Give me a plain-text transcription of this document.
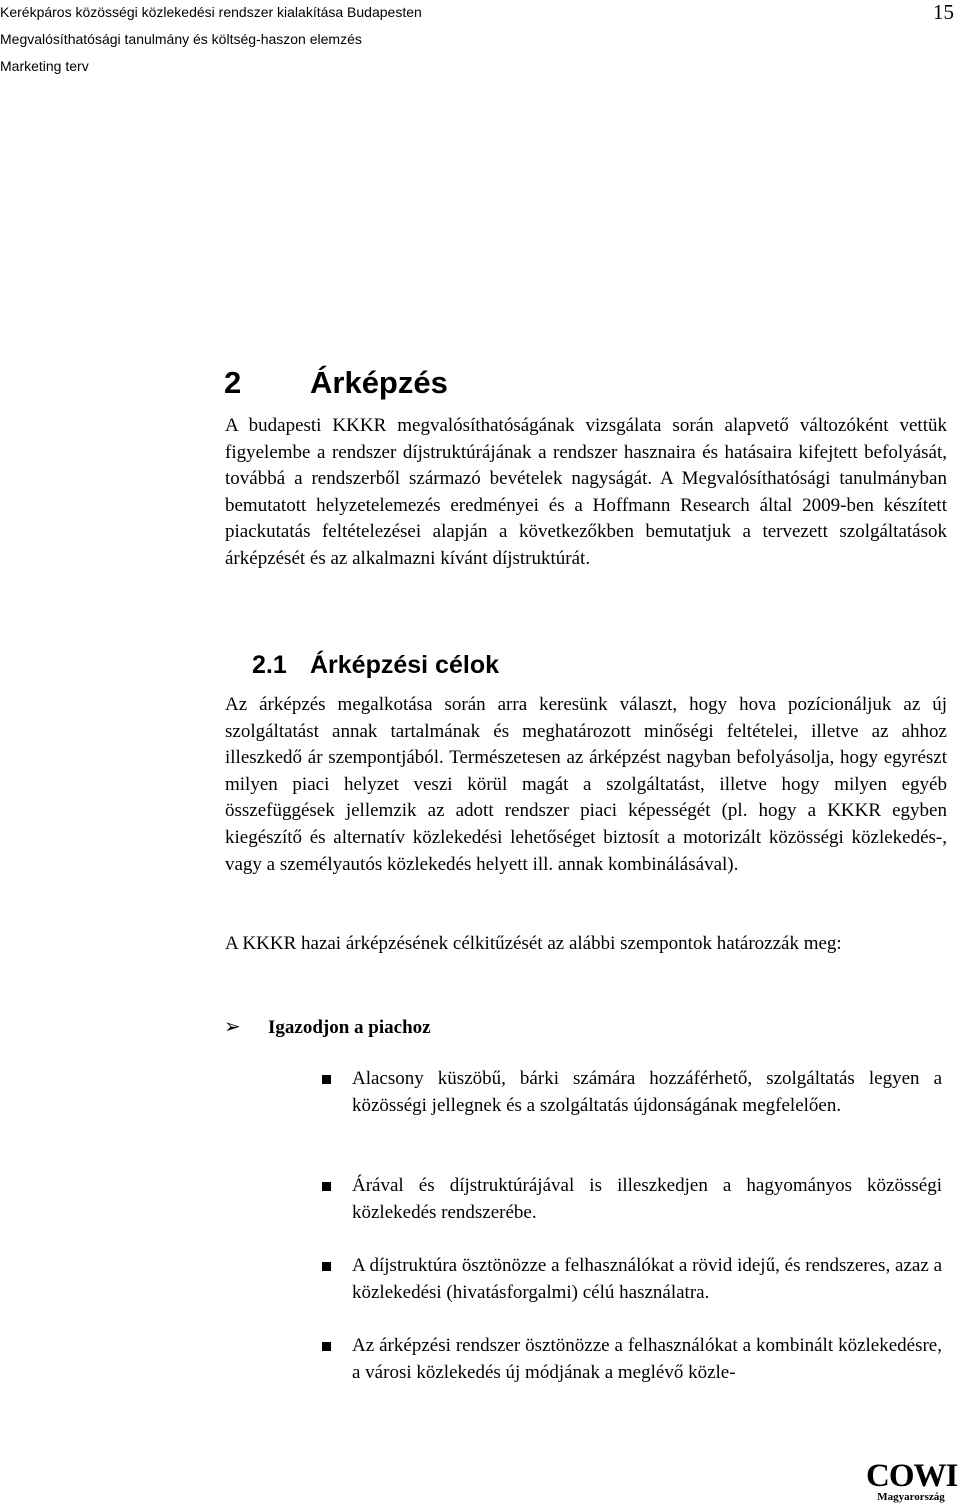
Kerékpáros közösségi közlekedési rendszer kialakítása Budapesten
Megvalósíthatósági tanulmány és költség-haszon elemzés
Marketing terv
15
2 Árképzés
A budapesti KKKR megvalósíthatóságának vizsgálata során alapvető változóként vettük figyelembe a rendszer díjstruktúrájának a rendszer hasznaira és hatásaira kifejtett befolyását, továbbá a rendszerből származó bevételek nagyságát. A Megvalósíthatósági tanulmányban bemutatott helyzetelemezés eredményei és a Hoffmann Research által 2009-ben készített piackutatás feltételezései alapján a következőkben bemutatjuk a tervezett szolgáltatások árképzését és az alkalmazni kívánt díjstruktúrát.
2.1 Árképzési célok
Az árképzés megalkotása során arra keresünk választ, hogy hova pozícionáljuk az új szolgáltatást annak tartalmának és meghatározott minőségi feltételei, illetve az ahhoz illeszkedő ár szempontjából. Természetesen az árképzést nagyban befolyásolja, hogy egyrészt milyen piaci helyzet veszi körül magát a szolgáltatást, illetve hogy milyen egyéb összefüggések jellemzik az adott rendszer piaci képességét (pl. hogy a KKKR egyben kiegészítő és alternatív közlekedési lehetőséget biztosít a motorizált közösségi közlekedés-, vagy a személyautós közlekedés helyett ill. annak kombinálásával).
A KKKR hazai árképzésének célkitűzését az alábbi szempontok határozzák meg:
➢ Igazodjon a piachoz
Alacsony küszöbű, bárki számára hozzáférhető, szolgáltatás legyen a közösségi jellegnek és a szolgáltatás újdonságának megfelelően.
Árával és díjstruktúrájával is illeszkedjen a hagyományos közösségi közlekedés rendszerébe.
A díjstruktúra ösztönözze a felhasználókat a rövid idejű, és rendszeres, azaz a közlekedési (hivatásforgalmi) célú használatra.
Az árképzési rendszer ösztönözze a felhasználókat a kombinált közlekedésre, a városi közlekedés új módjának a meglévő közle-
COWI
Magyarország
